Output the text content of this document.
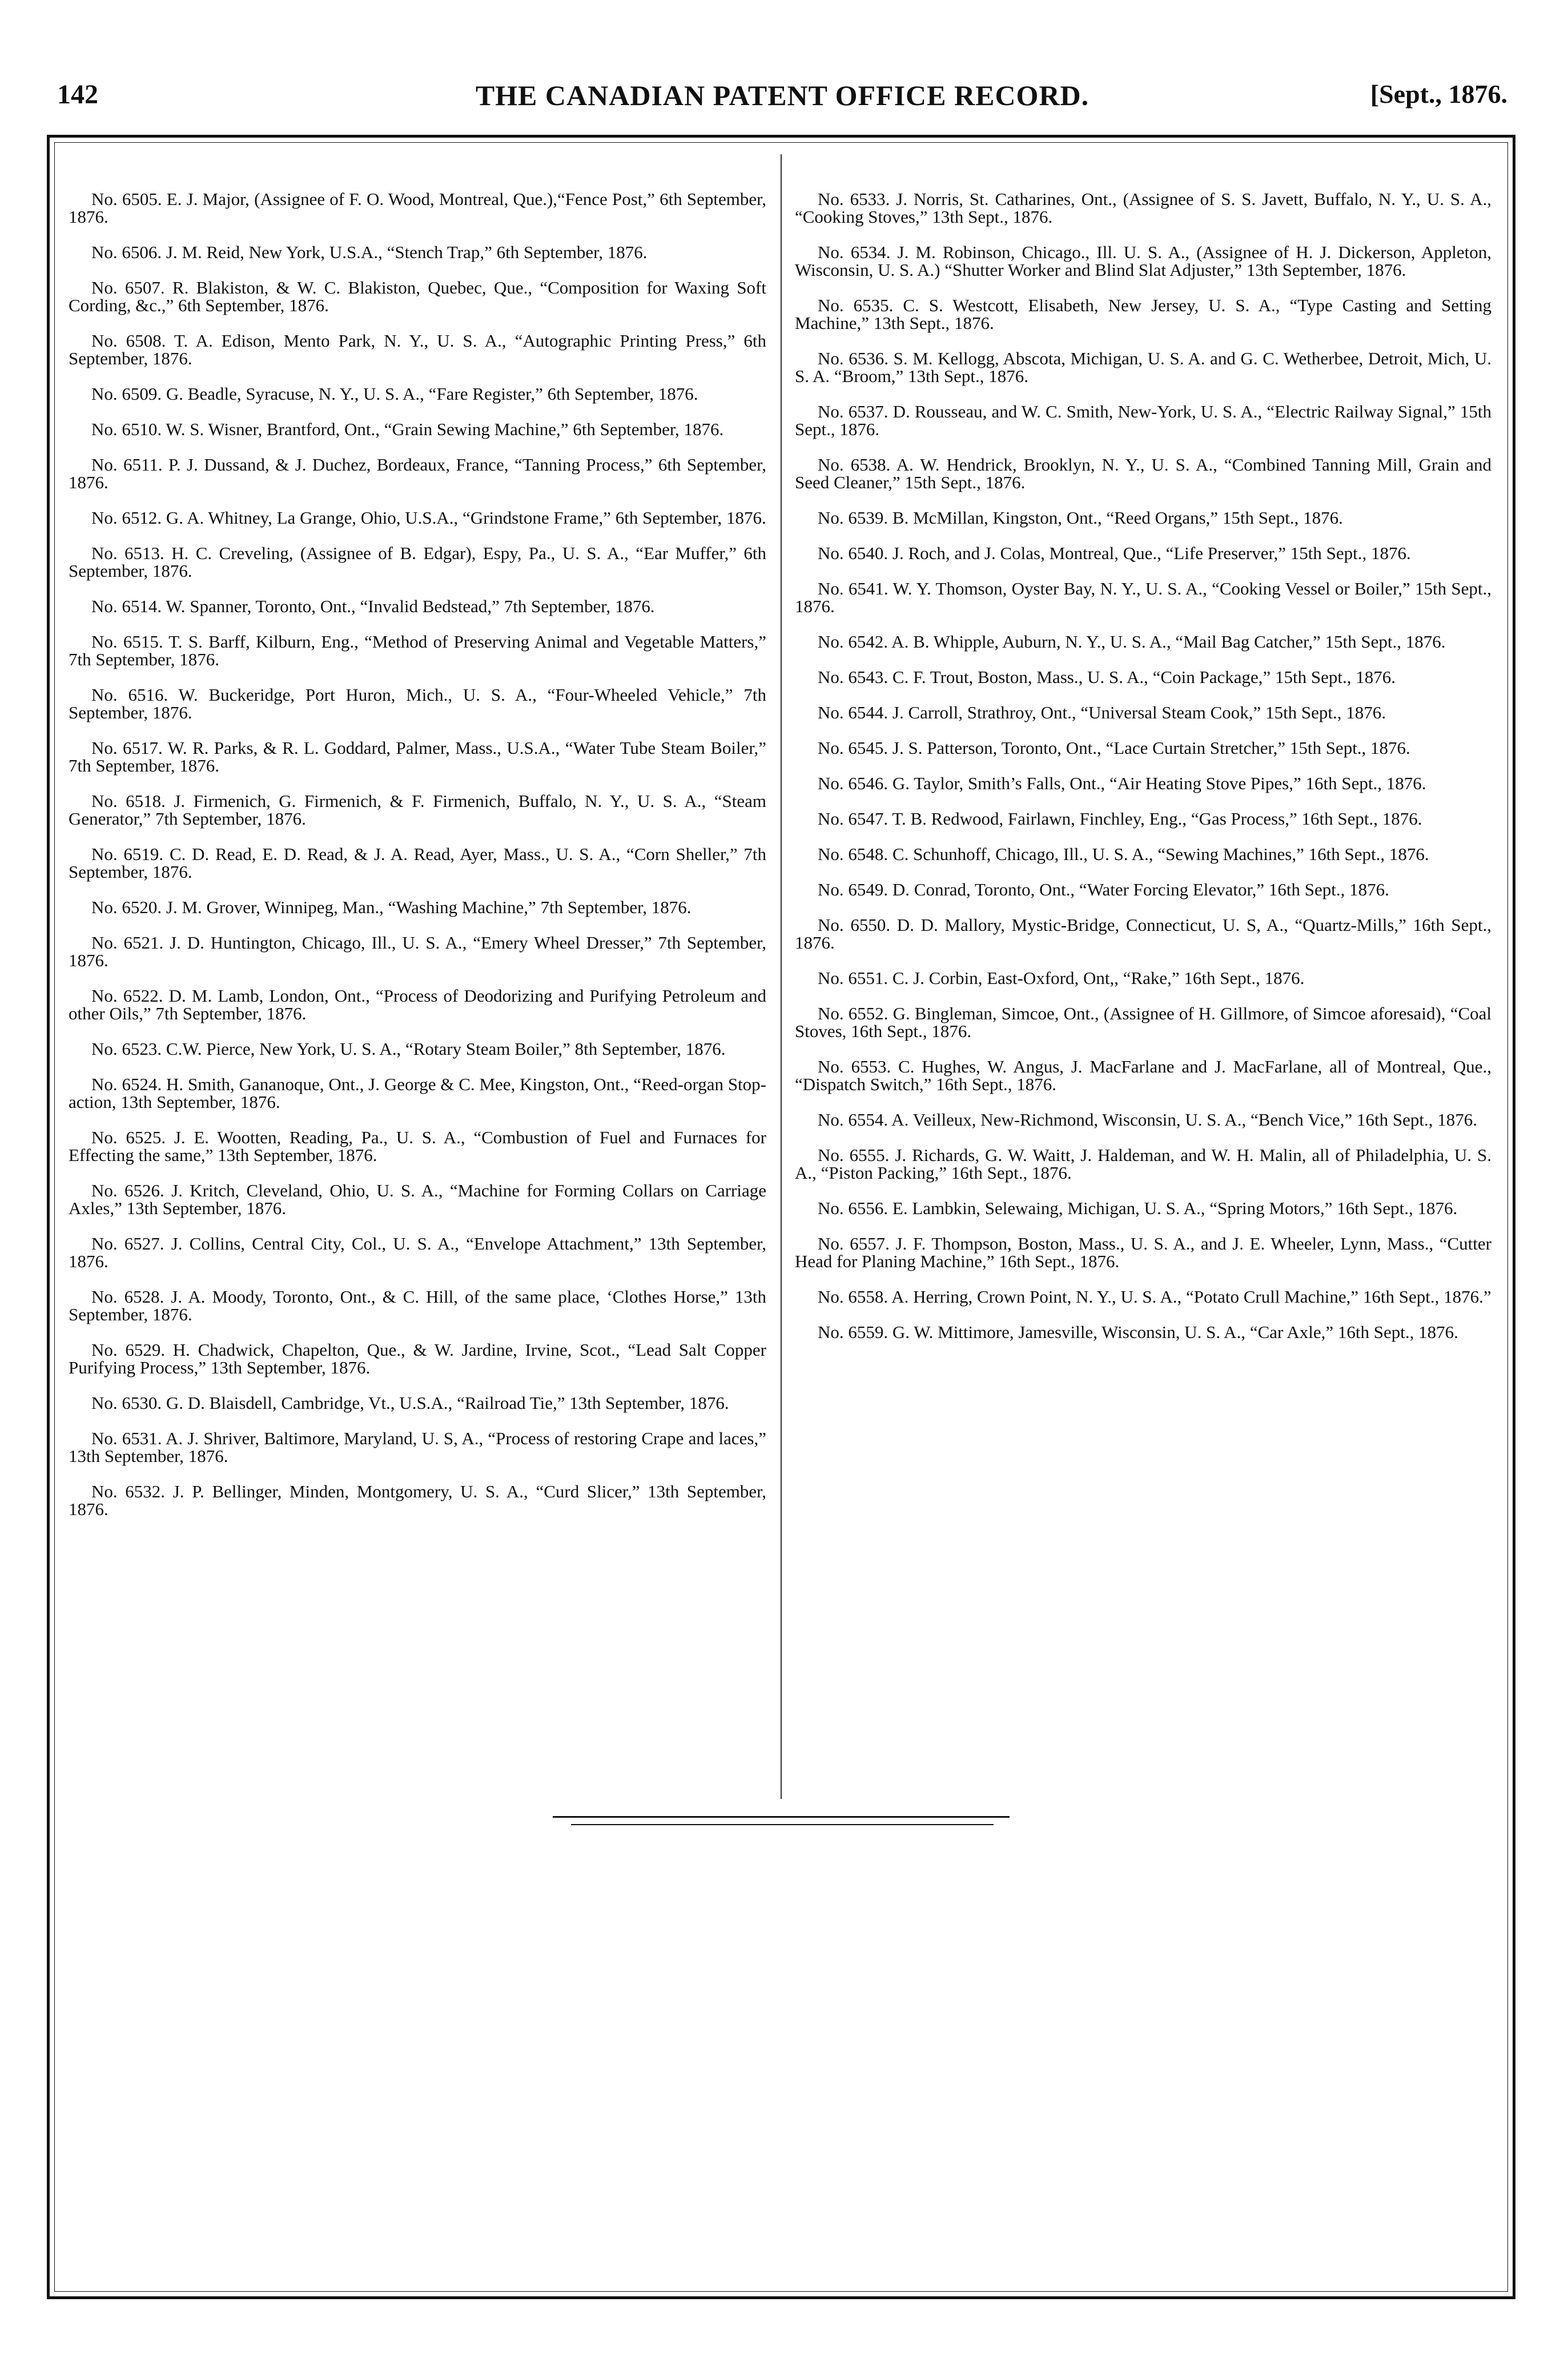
142	THE CANADIAN PATENT OFFICE RECORD.	[Sept., 1876.

No. 6505. E. J. Major, (Assignee of F. O. Wood, Montreal, Que.),“Fence Post,” 6th September, 1876.

No. 6506. J. M. Reid, New York, U.S.A., “Stench Trap,” 6th September, 1876.

No. 6507. R. Blakiston, & W. C. Blakiston, Quebec, Que., “Composition for Waxing Soft Cording, &c.,” 6th September, 1876.

No. 6508. T. A. Edison, Mento Park, N. Y., U. S. A., “Autographic Printing Press,” 6th September, 1876.

No. 6509. G. Beadle, Syracuse, N. Y., U. S. A., “Fare Register,” 6th September, 1876.

No. 6510. W. S. Wisner, Brantford, Ont., “Grain Sewing Machine,” 6th September, 1876.

No. 6511. P. J. Dussand, & J. Duchez, Bordeaux, France, “Tanning Process,” 6th September, 1876.

No. 6512. G. A. Whitney, La Grange, Ohio, U.S.A., “Grindstone Frame,” 6th September, 1876.

No. 6513. H. C. Creveling, (Assignee of B. Edgar), Espy, Pa., U. S. A., “Ear Muffer,” 6th September, 1876.

No. 6514. W. Spanner, Toronto, Ont., “Invalid Bedstead,” 7th September, 1876.

No. 6515. T. S. Barff, Kilburn, Eng., “Method of Preserving Animal and Vegetable Matters,” 7th September, 1876.

No. 6516. W. Buckeridge, Port Huron, Mich., U. S. A., “Four-Wheeled Vehicle,” 7th September, 1876.

No. 6517. W. R. Parks, & R. L. Goddard, Palmer, Mass., U.S.A., “Water Tube Steam Boiler,” 7th September, 1876.

No. 6518. J. Firmenich, G. Firmenich, & F. Firmenich, Buffalo, N. Y., U. S. A., “Steam Generator,” 7th September, 1876.

No. 6519. C. D. Read, E. D. Read, & J. A. Read, Ayer, Mass., U. S. A., “Corn Sheller,” 7th September, 1876.

No. 6520. J. M. Grover, Winnipeg, Man., “Washing Machine,” 7th September, 1876.

No. 6521. J. D. Huntington, Chicago, Ill., U. S. A., “Emery Wheel Dresser,” 7th September, 1876.

No. 6522. D. M. Lamb, London, Ont., “Process of Deodorizing and Purifying Petroleum and other Oils,” 7th September, 1876.

No. 6523. C.W. Pierce, New York, U. S. A., “Rotary Steam Boiler,” 8th September, 1876.

No. 6524. H. Smith, Gananoque, Ont., J. George & C. Mee, Kingston, Ont., “Reed-organ Stop-action, 13th September, 1876.

No. 6525. J. E. Wootten, Reading, Pa., U. S. A., “Combustion of Fuel and Furnaces for Effecting the same,” 13th September, 1876.

No. 6526. J. Kritch, Cleveland, Ohio, U. S. A., “Machine for Forming Collars on Carriage Axles,” 13th September, 1876.

No. 6527. J. Collins, Central City, Col., U. S. A., “Envelope Attachment,” 13th September, 1876.

No. 6528. J. A. Moody, Toronto, Ont., & C. Hill, of the same place, ‘Clothes Horse,” 13th September, 1876.

No. 6529. H. Chadwick, Chapelton, Que., & W. Jardine, Irvine, Scot., “Lead Salt Copper Purifying Process,” 13th September, 1876.

No. 6530. G. D. Blaisdell, Cambridge, Vt., U.S.A., “Railroad Tie,” 13th September, 1876.

No. 6531. A. J. Shriver, Baltimore, Maryland, U. S, A., “Process of restoring Crape and laces,” 13th September, 1876.

No. 6532. J. P. Bellinger, Minden, Montgomery, U. S. A., “Curd Slicer,” 13th September, 1876.

No. 6533. J. Norris, St. Catharines, Ont., (Assignee of S. S. Javett, Buffalo, N. Y., U. S. A., “Cooking Stoves,” 13th Sept., 1876.

No. 6534. J. M. Robinson, Chicago., Ill. U. S. A., (Assignee of H. J. Dickerson, Appleton, Wisconsin, U. S. A.) “Shutter Worker and Blind Slat Adjuster,” 13th September, 1876.

No. 6535. C. S. Westcott, Elisabeth, New Jersey, U. S. A., “Type Casting and Setting Machine,” 13th Sept., 1876.

No. 6536. S. M. Kellogg, Abscota, Michigan, U. S. A. and G. C. Wetherbee, Detroit, Mich, U. S. A. “Broom,” 13th Sept., 1876.

No. 6537. D. Rousseau, and W. C. Smith, New-York, U. S. A., “Electric Railway Signal,” 15th Sept., 1876.

No. 6538. A. W. Hendrick, Brooklyn, N. Y., U. S. A., “Combined Tanning Mill, Grain and Seed Cleaner,” 15th Sept., 1876.

No. 6539. B. McMillan, Kingston, Ont., “Reed Organs,” 15th Sept., 1876.

No. 6540. J. Roch, and J. Colas, Montreal, Que., “Life Preserver,” 15th Sept., 1876.

No. 6541. W. Y. Thomson, Oyster Bay, N. Y., U. S. A., “Cooking Vessel or Boiler,” 15th Sept., 1876.

No. 6542. A. B. Whipple, Auburn, N. Y., U. S. A., “Mail Bag Catcher,” 15th Sept., 1876.

No. 6543. C. F. Trout, Boston, Mass., U. S. A., “Coin Package,” 15th Sept., 1876.

No. 6544. J. Carroll, Strathroy, Ont., “Universal Steam Cook,” 15th Sept., 1876.

No. 6545. J. S. Patterson, Toronto, Ont., “Lace Curtain Stretcher,” 15th Sept., 1876.

No. 6546. G. Taylor, Smith’s Falls, Ont., “Air Heating Stove Pipes,” 16th Sept., 1876.

No. 6547. T. B. Redwood, Fairlawn, Finchley, Eng., “Gas Process,” 16th Sept., 1876.

No. 6548. C. Schunhoff, Chicago, Ill., U. S. A., “Sewing Machines,” 16th Sept., 1876.

No. 6549. D. Conrad, Toronto, Ont., “Water Forcing Elevator,” 16th Sept., 1876.

No. 6550. D. D. Mallory, Mystic-Bridge, Connecticut, U. S, A., “Quartz-Mills,” 16th Sept., 1876.

No. 6551. C. J. Corbin, East-Oxford, Ont,, “Rake,” 16th Sept., 1876.

No. 6552. G. Bingleman, Simcoe, Ont., (Assignee of H. Gillmore, of Simcoe aforesaid), “Coal Stoves, 16th Sept., 1876.

No. 6553. C. Hughes, W. Angus, J. MacFarlane and J. MacFarlane, all of Montreal, Que., “Dispatch Switch,” 16th Sept., 1876.

No. 6554. A. Veilleux, New-Richmond, Wisconsin, U. S. A., “Bench Vice,” 16th Sept., 1876.

No. 6555. J. Richards, G. W. Waitt, J. Haldeman, and W. H. Malin, all of Philadelphia, U. S. A., “Piston Packing,” 16th Sept., 1876.

No. 6556. E. Lambkin, Selewaing, Michigan, U. S. A., “Spring Motors,” 16th Sept., 1876.

No. 6557. J. F. Thompson, Boston, Mass., U. S. A., and J. E. Wheeler, Lynn, Mass., “Cutter Head for Planing Machine,” 16th Sept., 1876.

No. 6558. A. Herring, Crown Point, N. Y., U. S. A., “Potato Crull Machine,” 16th Sept., 1876.”

No. 6559. G. W. Mittimore, Jamesville, Wisconsin, U. S. A., “Car Axle,” 16th Sept., 1876.
